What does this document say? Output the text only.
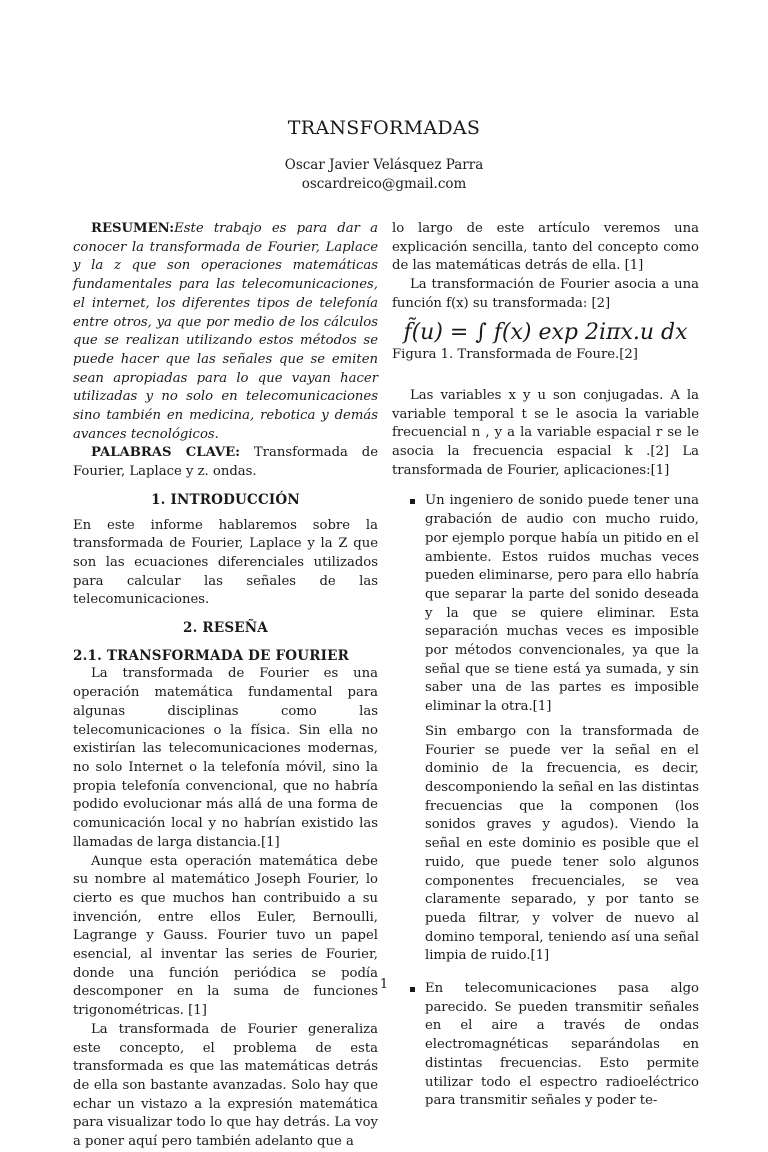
TRANSFORMADAS
Oscar Javier Velásquez Parra
oscardreico@gmail.com

RESUMEN:Este trabajo es para dar a conocer la transformada de Fourier, Laplace y la z que son operaciones matemáticas fundamentales para las telecomunicaciones, el internet, los diferentes tipos de telefonía entre otros, ya que por medio de los cálculos que se realizan utilizando estos métodos se puede hacer que las señales que se emiten sean apropiadas para lo que vayan hacer utilizadas y no solo en telecomunicaciones sino también en medicina, rebotica y demás avances tecnológicos.

PALABRAS CLAVE: Transformada de Fourier, Laplace y z. ondas.

1. INTRODUCCIÓN

En este informe hablaremos sobre la transformada de Fourier, Laplace y la Z que son las ecuaciones diferenciales utilizados para calcular las señales de las telecomunicaciones.

2. RESEÑA
2.1. TRANSFORMADA DE FOURIER

La transformada de Fourier es una operación matemática fundamental para algunas disciplinas como las telecomunicaciones o la física. Sin ella no existirían las telecomunicaciones modernas, no solo Internet o la telefonía móvil, sino la propia telefonía convencional, que no habría podido evolucionar más allá de una forma de comunicación local y no habrían existido las llamadas de larga distancia.[1]

Aunque esta operación matemática debe su nombre al matemático Joseph Fourier, lo cierto es que muchos han contribuido a su invención, entre ellos Euler, Bernoulli, Lagrange y Gauss. Fourier tuvo un papel esencial, al inventar las series de Fourier, donde una función periódica se podía descomponer en la suma de funciones trigonométricas. [1]

La transformada de Fourier generaliza este concepto, el problema de esta transformada es que las matemáticas detrás de ella son bastante avanzadas. Solo hay que echar un vistazo a la expresión matemática para visualizar todo lo que hay detrás. La voy a poner aquí pero también adelanto que a

lo largo de este artículo veremos una explicación sencilla, tanto del concepto como de las matemáticas detrás de ella. [1]

La transformación de Fourier asocia a una función f(x) su transformada: [2]

f̃(u) = ∫ f(x) exp 2iπx.u dx

Figura 1. Transformada de Foure.[2]

Las variables x y u son conjugadas. A la variable temporal t se le asocia la variable frecuencial n , y a la variable espacial r se le asocia la frecuencia espacial k .[2] La transformada de Fourier, aplicaciones:[1]

Un ingeniero de sonido puede tener una grabación de audio con mucho ruido, por ejemplo porque había un pitido en el ambiente. Estos ruidos muchas veces pueden eliminarse, pero para ello habría que separar la parte del sonido deseada y la que se quiere eliminar. Esta separación muchas veces es imposible por métodos convencionales, ya que la señal que se tiene está ya sumada, y sin saber una de las partes es imposible eliminar la otra.[1]

Sin embargo con la transformada de Fourier se puede ver la señal en el dominio de la frecuencia, es decir, descomponiendo la señal en las distintas frecuencias que la componen (los sonidos graves y agudos). Viendo la señal en este dominio es posible que el ruido, que puede tener solo algunos componentes frecuenciales, se vea claramente separado, y por tanto se pueda filtrar, y volver de nuevo al domino temporal, teniendo así una señal limpia de ruido.[1]

En telecomunicaciones pasa algo parecido. Se pueden transmitir señales en el aire a través de ondas electromagnéticas separándolas en distintas frecuencias. Esto permite utilizar todo el espectro radioeléctrico para transmitir señales y poder te-

1
